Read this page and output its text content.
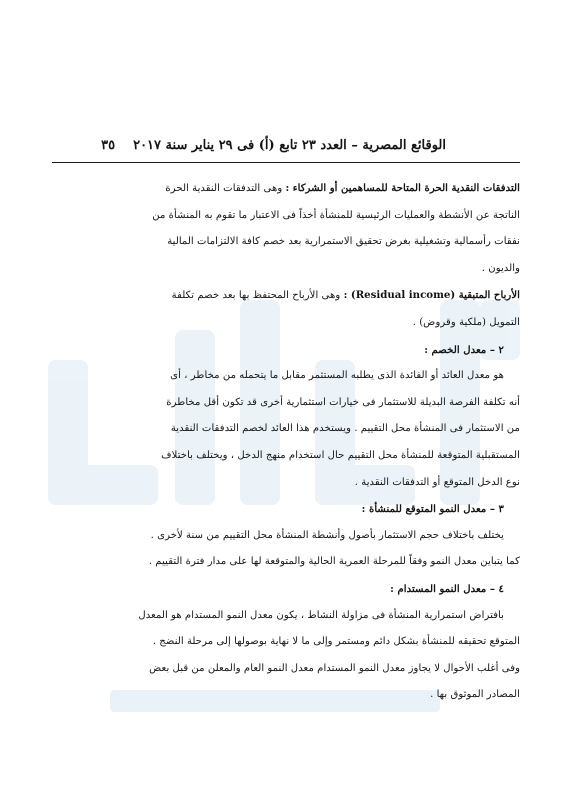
الوقائع المصرية – العدد ٢٣ تابع (أ) فى ٢٩ يناير سنة ٢٠١٧
٣٥
التدفقات النقدية الحرة المتاحة للمساهمين أو الشركاء : وهى التدفقات النقدية الحرة
الناتجة عن الأنشطة والعمليات الرئيسية للمنشأة أخذاً فى الاعتبار ما تقوم به المنشأة من
نفقات رأسمالية وتشغيلية بغرض تحقيق الاستمرارية بعد خصم كافة الالتزامات المالية
والديون .
الأرباح المتبقية (Residual income) : وهى الأرباح المحتفظ بها بعد خصم تكلفة
التمويل (ملكية وقروض) .
٢ – معدل الخصم :
هو معدل العائد أو الفائدة الذى يطلبه المستثمر مقابل ما يتحمله من مخاطر ، أى
أنه تكلفة الفرصة البديلة للاستثمار فى خيارات استثمارية أخرى قد تكون أقل مخاطرة
من الاستثمار فى المنشأة محل التقييم . ويستخدم هذا العائد لخصم التدفقات النقدية
المستقبلية المتوقعة للمنشأة محل التقييم حال استخدام منهج الدخل ، ويختلف باختلاف
نوع الدخل المتوقع أو التدفقات النقدية .
٣ – معدل النمو المتوقع للمنشأة :
يختلف باختلاف حجم الاستثمار بأصول وأنشطة المنشأة محل التقييم من سنة لأخرى .
كما يتباين معدل النمو وفقاً للمرحلة العمرية الحالية والمتوقعة لها على مدار فترة التقييم .
٤ – معدل النمو المستدام :
بافتراض استمرارية المنشأة فى مزاولة النشاط ، يكون معدل النمو المستدام هو المعدل
المتوقع تحقيقه للمنشأة بشكل دائم ومستمر وإلى ما لا نهاية بوصولها إلى مرحلة النضج .
وفى أغلب الأحوال لا يجاوز معدل النمو المستدام معدل النمو العام والمعلن من قبل بعض
المصادر الموثوق بها .
